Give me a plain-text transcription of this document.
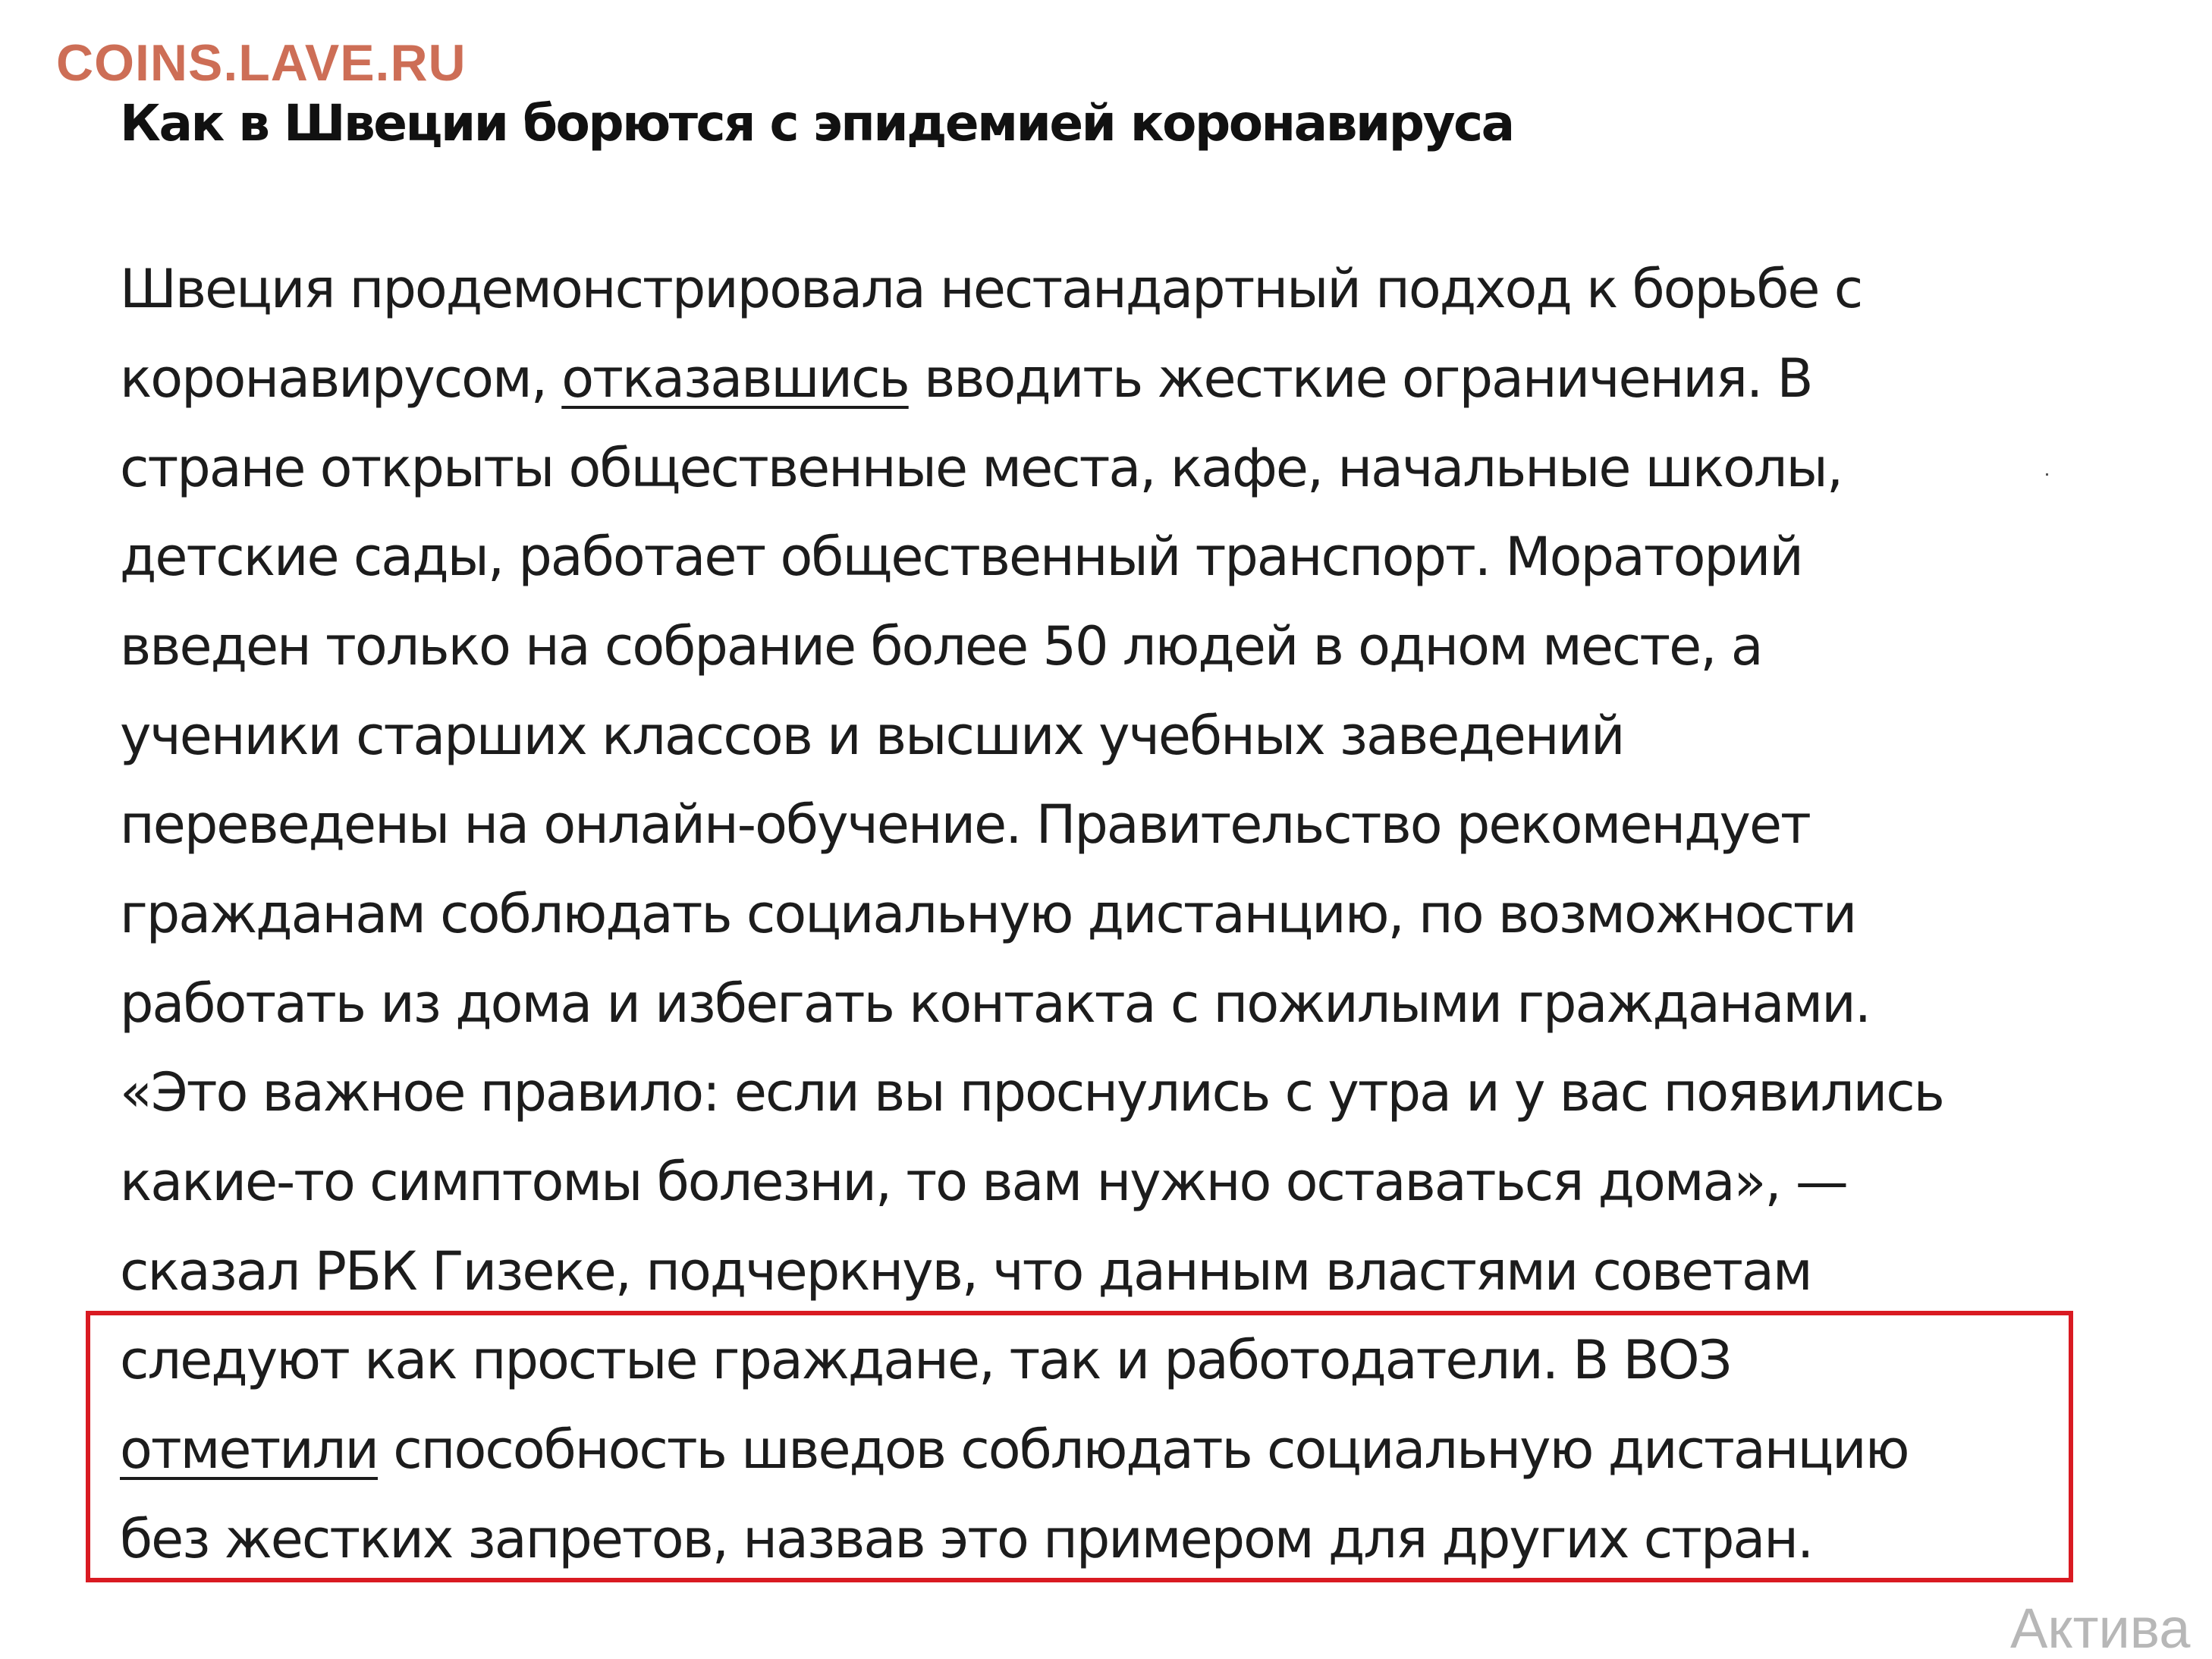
COINS.LAVE.RU
Как в Швеции борются с эпидемией коронавируса
Швеция продемонстрировала нестандартный подход к борьбе с
коронавирусом, отказавшись вводить жесткие ограничения. В
стране открыты общественные места, кафе, начальные школы,
детские сады, работает общественный транспорт. Мораторий
введен только на собрание более 50 людей в одном месте, а
ученики старших классов и высших учебных заведений
переведены на онлайн-обучение. Правительство рекомендует
гражданам соблюдать социальную дистанцию, по возможности
работать из дома и избегать контакта с пожилыми гражданами.
«Это важное правило: если вы проснулись с утра и у вас появились
какие-то симптомы болезни, то вам нужно оставаться дома», —
сказал РБК Гизеке, подчеркнув, что данным властями советам
следуют как простые граждане, так и работодатели. В ВОЗ
отметили способность шведов соблюдать социальную дистанцию
без жестких запретов, назвав это примером для других стран.
Актива
